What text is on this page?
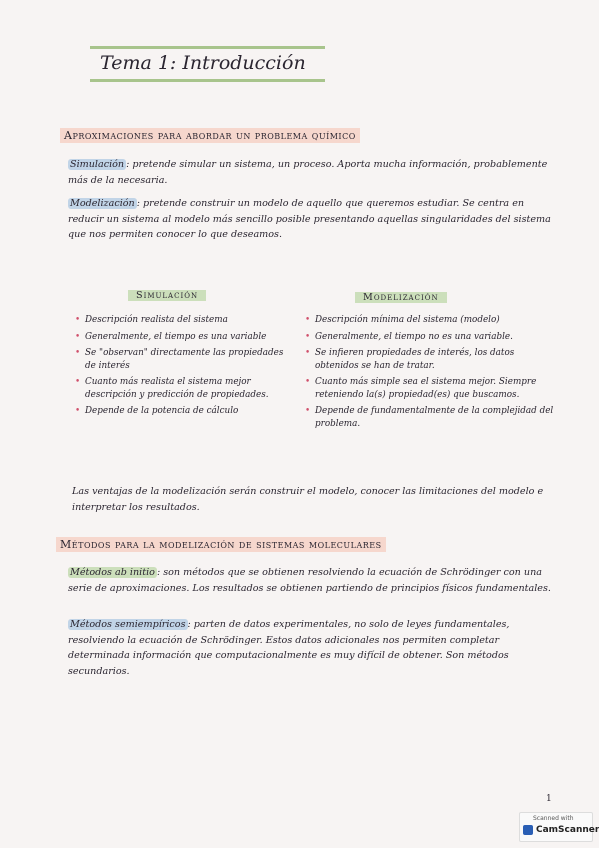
Tema 1: Introducción
Aproximaciones para abordar un problema químico
Simulación : pretende simular un sistema, un proceso. Aporta mucha información, probablemente más de la necesaria.
Modelización : pretende construir un modelo de aquello que queremos estudiar. Se centra en reducir un sistema al modelo más sencillo posible presentando aquellas singularidades del sistema que nos permiten conocer lo que deseamos.
Simulación	Modelización
• Descripción realista del sistema
• Generalmente, el tiempo es una variable
• Se "observan" directamente las propiedades de interés
• Cuanto más realista el sistema mejor descripción y predicción de propiedades.
• Depende de la potencia de cálculo
• Descripción mínima del sistema (modelo)
• Generalmente, el tiempo no es una variable.
• Se infieren propiedades de interés, los datos obtenidos se han de tratar.
• Cuanto más simple sea el sistema mejor. Siempre reteniendo la(s) propiedad(es) que buscamos.
• Depende de fundamentalmente de la complejidad del problema.
Las ventajas de la modelización serán construir el modelo, conocer las limitaciones del modelo e interpretar los resultados.
Métodos para la modelización de sistemas moleculares
Métodos ab initio : son métodos que se obtienen resolviendo la ecuación de Schrödinger con una serie de aproximaciones. Los resultados se obtienen partiendo de principios físicos fundamentales.
Métodos semiempíricos : parten de datos experimentales, no solo de leyes fundamentales, resolviendo la ecuación de Schrödinger. Estos datos adicionales nos permiten completar determinada información que computacionalmente es muy difícil de obtener. Son métodos secundarios.
1
Scanned with
CamScanner
